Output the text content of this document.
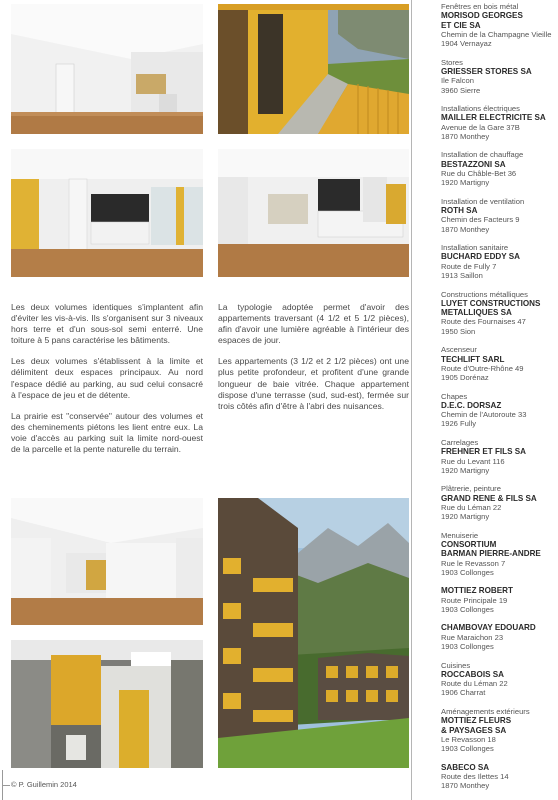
Les deux volumes identiques s'implantent afin d'éviter les vis-à-vis. Ils s'organisent sur 3 niveaux hors terre et d'un sous-sol semi enterré. Une toiture à 5 pans caractérise les bâtiments.

Les deux volumes s'établissent à la limite et délimitent deux espaces principaux. Au nord l'espace dédié au parking, au sud celui consacré à l'espace de jeu et de détente.

La prairie est "conservée" autour des volumes et des cheminements piétons les lient entre eux. La voie d'accès au parking suit la limite nord-ouest de la parcelle et la pente naturelle du terrain.

La typologie adoptée permet d'avoir des appartements traversant (4 1/2 et 5 1/2 pièces), afin d'avoir une lumière agréable à l'intérieur des espaces de jour.

Les appartements (3 1/2 et 2 1/2 pièces) ont une plus petite profondeur, et profitent d'une grande longueur de baie vitrée. Chaque appartement dispose d'une terrasse (sud, sud-est), fermée sur trois côtés afin d'être à l'abri des nuisances.

Fenêtres en bois métal
MORISOD GEORGES
ET CIE SA
Chemin de la Champagne Vieille
1904 Vernayaz
Stores
GRIESSER STORES SA
Ile Falcon
3960 Sierre
Installations électriques
MAILLER ELECTRICITE SA
Avenue de la Gare 37B
1870 Monthey
Installation de chauffage
BESTAZZONI SA
Rue du Châble-Bet 36
1920 Martigny
Installation de ventilation
ROTH SA
Chemin des Facteurs 9
1870 Monthey
Installation sanitaire
BUCHARD EDDY SA
Route de Fully 7
1913 Saillon
Constructions métalliques
LUYET CONSTRUCTIONS
METALLIQUES SA
Route des Fournaises 47
1950 Sion
Ascenseur
TECHLIFT SARL
Route d'Outre-Rhône 49
1905 Dorénaz
Chapes
D.E.C. DORSAZ
Chemin de l'Autoroute 33
1926 Fully
Carrelages
FREHNER ET FILS SA
Rue du Levant 116
1920 Martigny
Plâtrerie, peinture
GRAND RENE & FILS SA
Rue du Léman 22
1920 Martigny
Menuiserie
CONSORTIUM
BARMAN PIERRE-ANDRE
Rue le Revasson 7
1903 Collonges
MOTTIEZ ROBERT
Route Principale 19
1903 Collonges
CHAMBOVAY EDOUARD
Rue Maraichon 23
1903 Collonges
Cuisines
ROCCABOIS SA
Route du Léman 22
1906 Charrat
Aménagements extérieurs
MOTTIEZ FLEURS
& PAYSAGES SA
Le Revasson 18
1903 Collonges
SABECO SA
Route des Ilettes 14
1870 Monthey
© P. Guillemin 2014
